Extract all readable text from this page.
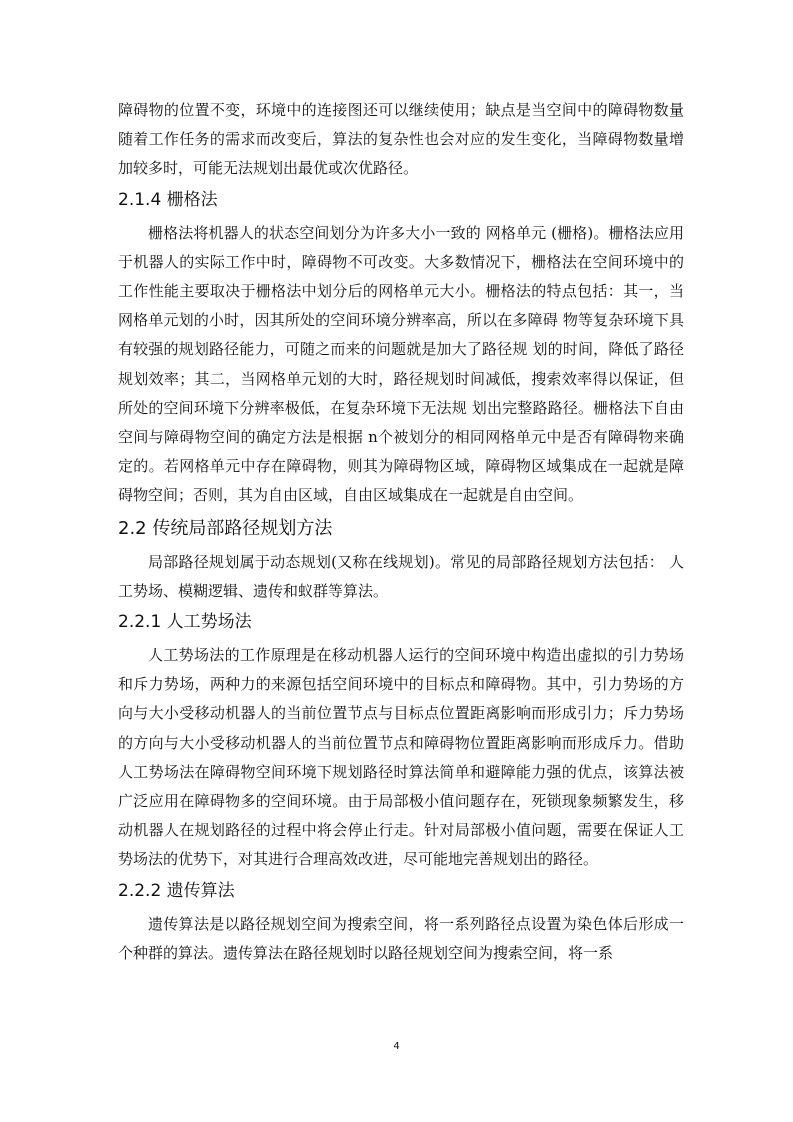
障碍物的位置不变，环境中的连接图还可以继续使用；缺点是当空间中的障碍物数量随着工作任务的需求而改变后，算法的复杂性也会对应的发生变化，当障碍物数量增加较多时，可能无法规划出最优或次优路径。

2.1.4 栅格法

栅格法将机器人的状态空间划分为许多大小一致的 网格单元 (栅格)。栅格法应用于机器人的实际工作中时，障碍物不可改变。大多数情况下，栅格法在空间环境中的工作性能主要取决于栅格法中划分后的网格单元大小。栅格法的特点包括：其一，当网格单元划的小时，因其所处的空间环境分辨率高，所以在多障碍 物等复杂环境下具有较强的规划路径能力，可随之而来的问题就是加大了路径规 划的时间，降低了路径规划效率；其二，当网格单元划的大时，路径规划时间减低，搜索效率得以保证，但所处的空间环境下分辨率极低，在复杂环境下无法规 划出完整路路径。栅格法下自由空间与障碍物空间的确定方法是根据 n个被划分的相同网格单元中是否有障碍物来确定的。若网格单元中存在障碍物，则其为障碍物区域，障碍物区域集成在一起就是障碍物空间；否则，其为自由区域，自由区域集成在一起就是自由空间。

2.2 传统局部路径规划方法

局部路径规划属于动态规划(又称在线规划)。常见的局部路径规划方法包括： 人工势场、模糊逻辑、遗传和蚁群等算法。

2.2.1 人工势场法

人工势场法的工作原理是在移动机器人运行的空间环境中构造出虚拟的引力势场和斥力势场，两种力的来源包括空间环境中的目标点和障碍物。其中，引力势场的方向与大小受移动机器人的当前位置节点与目标点位置距离影响而形成引力；斥力势场的方向与大小受移动机器人的当前位置节点和障碍物位置距离影响而形成斥力。借助人工势场法在障碍物空间环境下规划路径时算法简单和避障能力强的优点，该算法被广泛应用在障碍物多的空间环境。由于局部极小值问题存在，死锁现象频繁发生，移动机器人在规划路径的过程中将会停止行走。针对局部极小值问题，需要在保证人工势场法的优势下，对其进行合理高效改进，尽可能地完善规划出的路径。

2.2.2 遗传算法

遗传算法是以路径规划空间为搜索空间，将一系列路径点设置为染色体后形成一个种群的算法。遗传算法在路径规划时以路径规划空间为搜索空间，将一系

4
